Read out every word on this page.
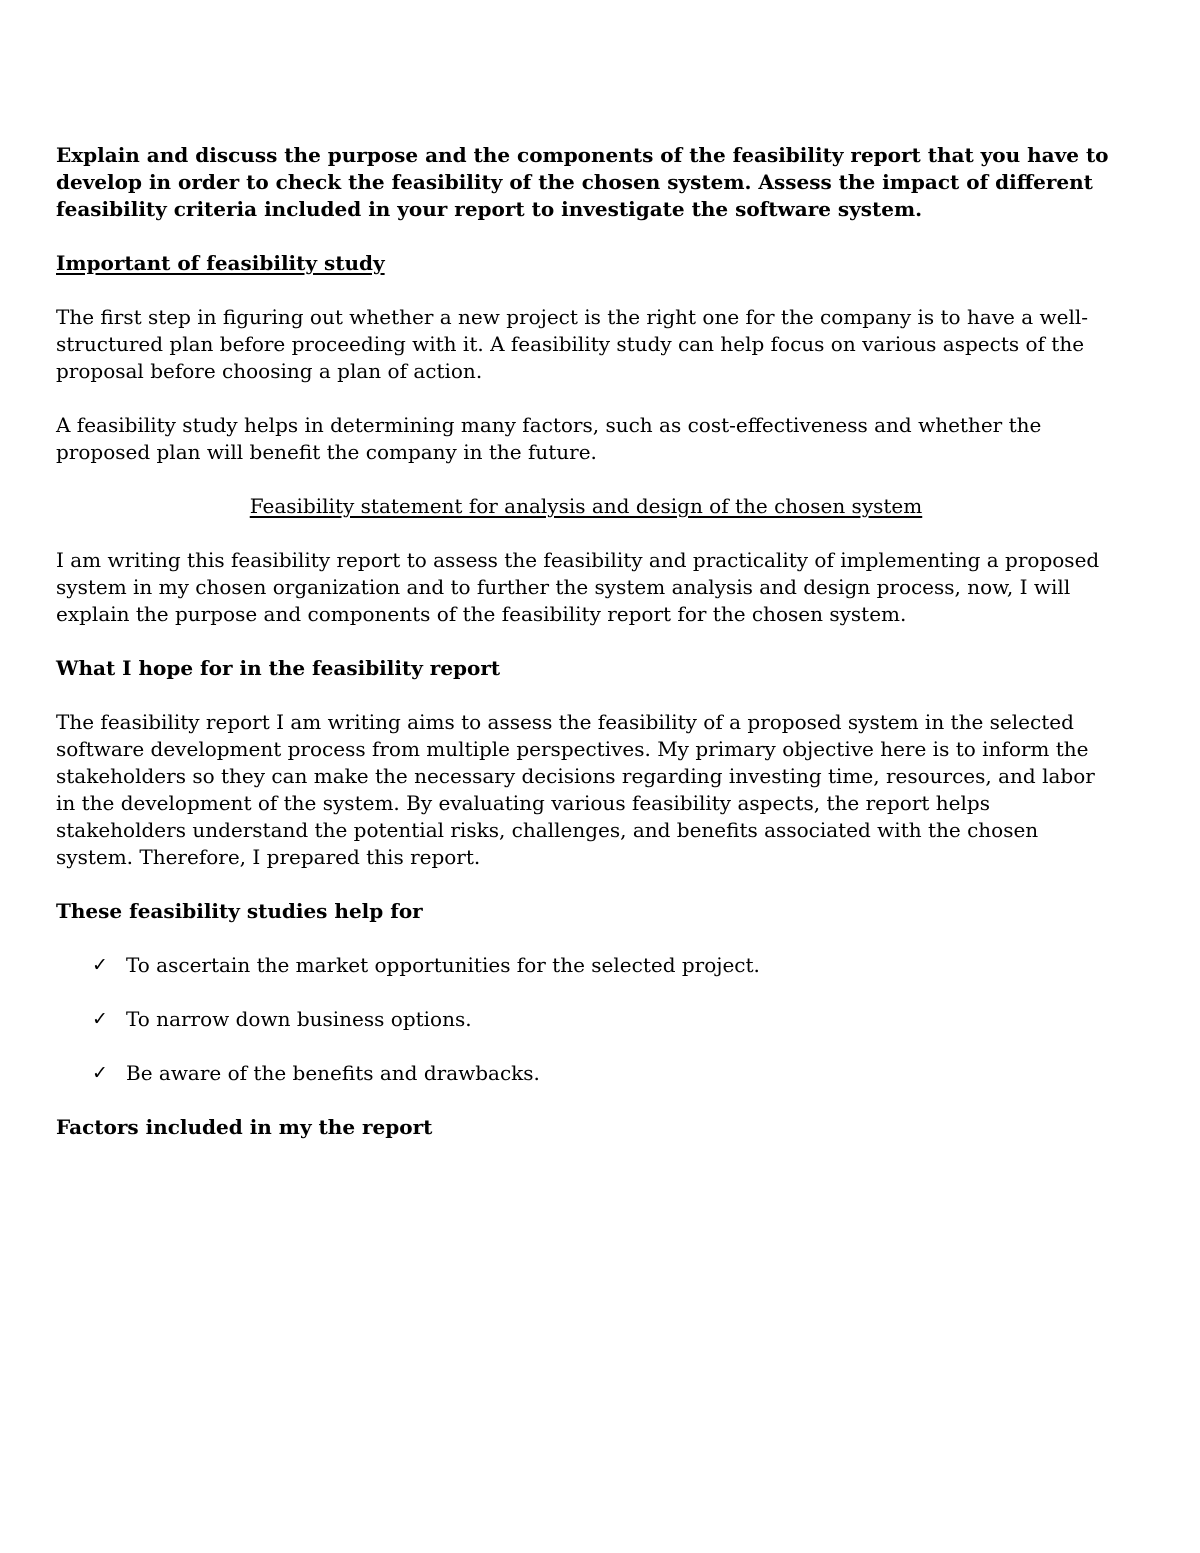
Explain and discuss the purpose and the components of the feasibility report that you have to develop in order to check the feasibility of the chosen system. Assess the impact of different feasibility criteria included in your report to investigate the software system.

Important of feasibility study

The first step in figuring out whether a new project is the right one for the company is to have a well-structured plan before proceeding with it. A feasibility study can help focus on various aspects of the proposal before choosing a plan of action.

A feasibility study helps in determining many factors, such as cost-effectiveness and whether the proposed plan will benefit the company in the future.

Feasibility statement for analysis and design of the chosen system

I am writing this feasibility report to assess the feasibility and practicality of implementing a proposed system in my chosen organization and to further the system analysis and design process, now, I will explain the purpose and components of the feasibility report for the chosen system.

What I hope for in the feasibility report

The feasibility report I am writing aims to assess the feasibility of a proposed system in the selected software development process from multiple perspectives. My primary objective here is to inform the stakeholders so they can make the necessary decisions regarding investing time, resources, and labor in the development of the system. By evaluating various feasibility aspects, the report helps stakeholders understand the potential risks, challenges, and benefits associated with the chosen system. Therefore, I prepared this report.

These feasibility studies help for

✓ To ascertain the market opportunities for the selected project.
✓ To narrow down business options.
✓ Be aware of the benefits and drawbacks.

Factors included in my the report
